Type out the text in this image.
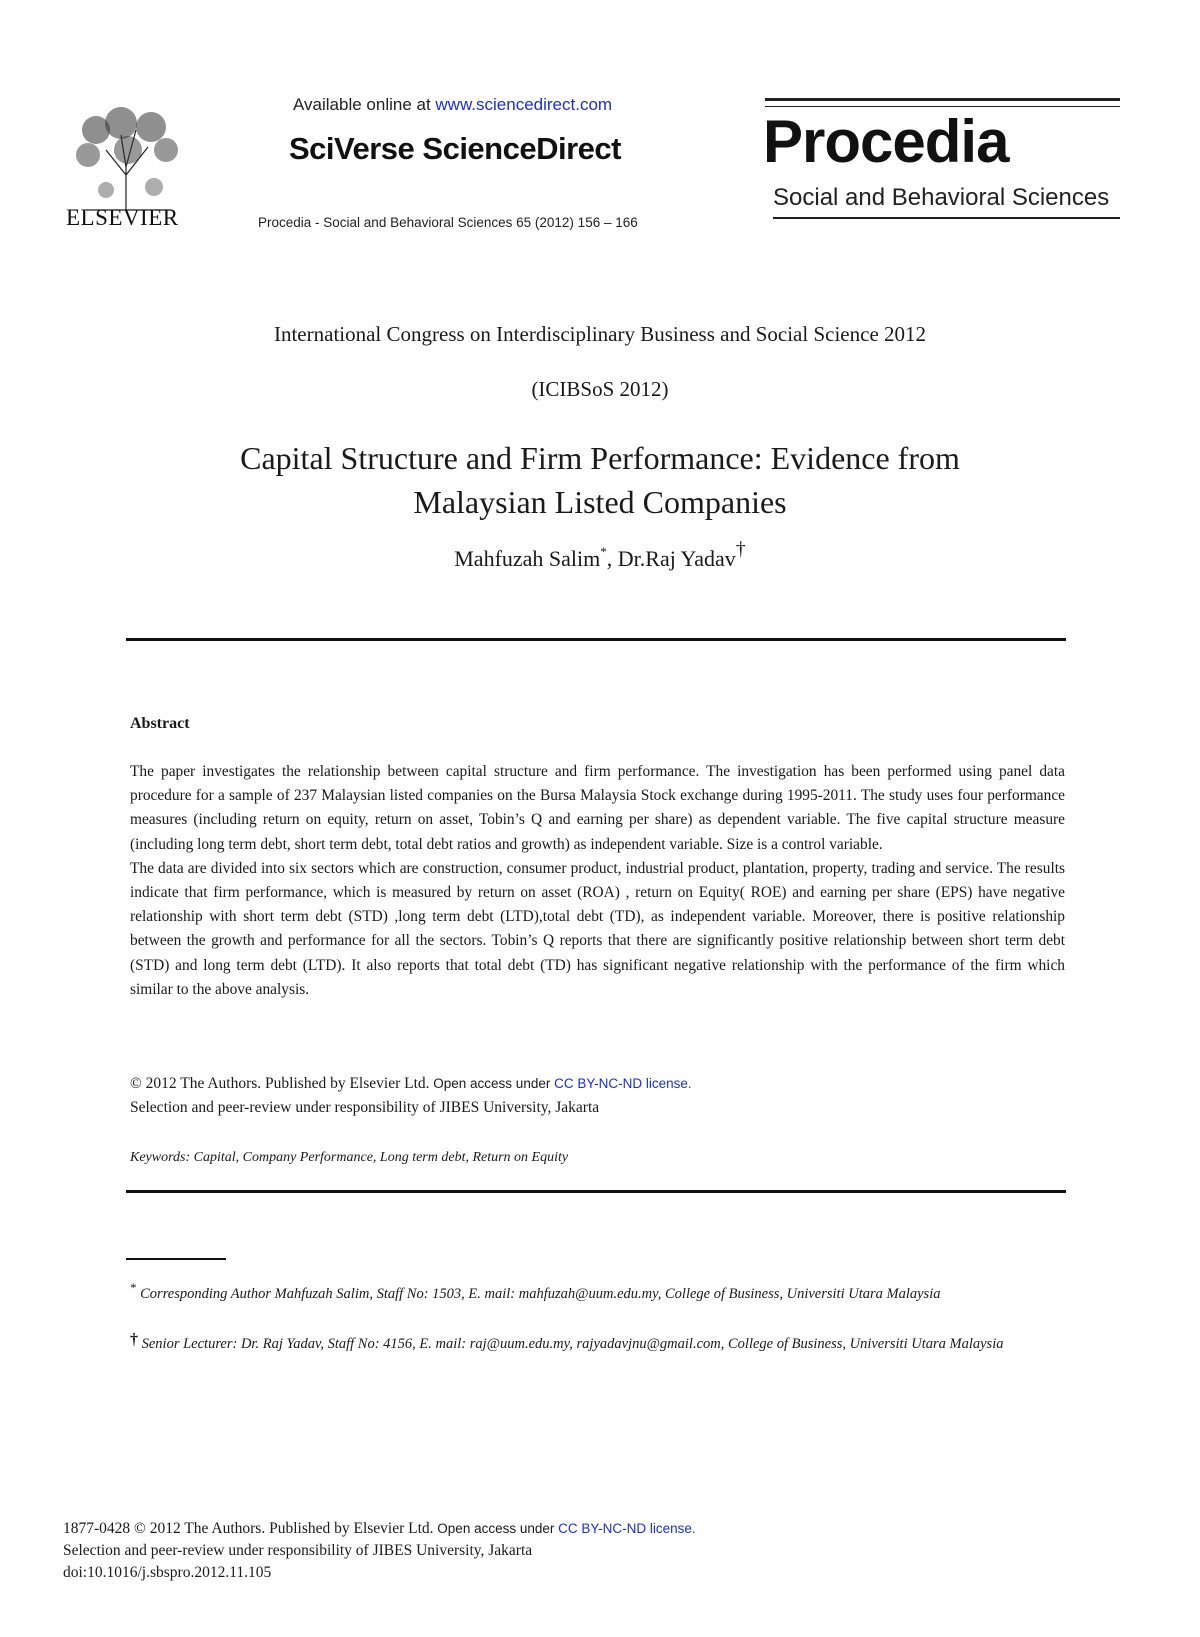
ELSEVIER
Available online at www.sciencedirect.com
SciVerse ScienceDirect
Procedia - Social and Behavioral Sciences 65 (2012) 156 – 166
Procedia
Social and Behavioral Sciences
International Congress on Interdisciplinary Business and Social Science 2012
(ICIBSoS 2012)
Capital Structure and Firm Performance: Evidence from
Malaysian Listed Companies
Mahfuzah Salim*, Dr.Raj Yadav†
Abstract

The paper investigates the relationship between capital structure and firm performance. The investigation has been performed using panel data procedure for a sample of 237 Malaysian listed companies on the Bursa Malaysia Stock exchange during 1995-2011. The study uses four performance measures (including return on equity, return on asset, Tobin’s Q and earning per share) as dependent variable. The five capital structure measure (including long term debt, short term debt, total debt ratios and growth) as independent variable. Size is a control variable.

The data are divided into six sectors which are construction, consumer product, industrial product, plantation, property, trading and service. The results indicate that firm performance, which is measured by return on asset (ROA) , return on Equity( ROE) and earning per share (EPS) have negative relationship with short term debt (STD) ,long term debt (LTD),total debt (TD), as independent variable. Moreover, there is positive relationship between the growth and performance for all the sectors. Tobin’s Q reports that there are significantly positive relationship between short term debt (STD) and long term debt (LTD). It also reports that total debt (TD) has significant negative relationship with the performance of the firm which similar to the above analysis.

© 2012 The Authors. Published by Elsevier Ltd. Open access under CC BY-NC-ND license.
Selection and peer-review under responsibility of JIBES University, Jakarta
Keywords: Capital, Company Performance, Long term debt, Return on Equity
* Corresponding Author Mahfuzah Salim, Staff No: 1503, E. mail: mahfuzah@uum.edu.my, College of Business, Universiti Utara Malaysia
† Senior Lecturer: Dr. Raj Yadav, Staff No: 4156, E. mail: raj@uum.edu.my, rajyadavjnu@gmail.com, College of Business, Universiti Utara Malaysia
1877-0428 © 2012 The Authors. Published by Elsevier Ltd. Open access under CC BY-NC-ND license.
Selection and peer-review under responsibility of JIBES University, Jakarta
doi:10.1016/j.sbspro.2012.11.105
